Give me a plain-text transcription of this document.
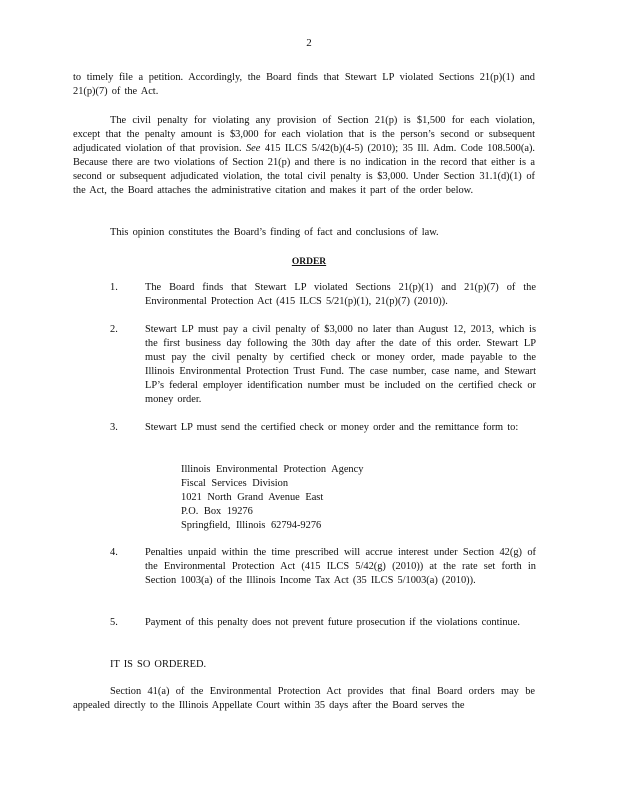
2

to timely file a petition. Accordingly, the Board finds that Stewart LP violated Sections 21(p)(1) and 21(p)(7) of the Act.

The civil penalty for violating any provision of Section 21(p) is $1,500 for each violation, except that the penalty amount is $3,000 for each violation that is the person’s second or subsequent adjudicated violation of that provision. See 415 ILCS 5/42(b)(4-5) (2010); 35 Ill. Adm. Code 108.500(a). Because there are two violations of Section 21(p) and there is no indication in the record that either is a second or subsequent adjudicated violation, the total civil penalty is $3,000. Under Section 31.1(d)(1) of the Act, the Board attaches the administrative citation and makes it part of the order below.

This opinion constitutes the Board’s finding of fact and conclusions of law.

ORDER
1.	The Board finds that Stewart LP violated Sections 21(p)(1) and 21(p)(7) of the Environmental Protection Act (415 ILCS 5/21(p)(1), 21(p)(7) (2010)).
2.	Stewart LP must pay a civil penalty of $3,000 no later than August 12, 2013, which is the first business day following the 30th day after the date of this order. Stewart LP must pay the civil penalty by certified check or money order, made payable to the Illinois Environmental Protection Trust Fund. The case number, case name, and Stewart LP’s federal employer identification number must be included on the certified check or money order.
3.	Stewart LP must send the certified check or money order and the remittance form to:
Illinois Environmental Protection Agency
Fiscal Services Division
1021 North Grand Avenue East
P.O. Box 19276
Springfield, Illinois 62794-9276
4.	Penalties unpaid within the time prescribed will accrue interest under Section 42(g) of the Environmental Protection Act (415 ILCS 5/42(g) (2010)) at the rate set forth in Section 1003(a) of the Illinois Income Tax Act (35 ILCS 5/1003(a) (2010)).
5.	Payment of this penalty does not prevent future prosecution if the violations continue.
IT IS SO ORDERED.

Section 41(a) of the Environmental Protection Act provides that final Board orders may be appealed directly to the Illinois Appellate Court within 35 days after the Board serves the
